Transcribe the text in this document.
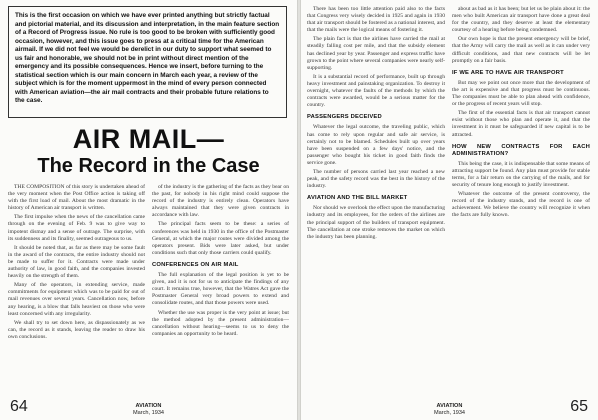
This is the first occasion on which we have ever printed anything but strictly factual and pictorial material, and its discussion and interpretation, in the main feature section of a Record of Progress issue. No rule is too good to be broken with sufficiently good occasion, however, and this issue goes to press at a critical time for the American airmail. If we did not feel we would be derelict in our duty to support what seemed to us fair and honorable, we should not be in print without direct mention of the emergency and its possible consequences. Hence we insert, before turning to the statistical section which is our main concern in March each year, a review of the subject which is for the moment uppermost in the mind of every person connected with American aviation—the air mail contracts and their probable future relations to the case.
AIR MAIL—
The Record in the Case

THE COMPOSITION of this story is undertaken ahead of the very moment when the Post Office action is taking off with the first load of mail. About the most dramatic in the history of American air transport is written.

The first impulse when the news of the cancellation came through on the evening of Feb. 9 was to give way to impotent dismay and a sense of outrage. The surprise, with its suddenness and its finality, seemed outrageous to us.

It should be noted that, as far as there may be some fault in the award of the contracts, the entire industry should not be made to suffer for it. Contracts were made under authority of law, in good faith, and the companies invested heavily on the strength of them.

Many of the operators, in extending service, made commitments for equipment which was to be paid for out of mail revenues over several years. Cancellation now, before any hearing, is a blow that falls heaviest on those who were least concerned with any irregularity.

We shall try to set down here, as dispassionately as we can, the record as it stands, leaving the reader to draw his own conclusions.

of the industry is the gathering of the facts as they bear on the past, for nobody in his right mind could suppose the record of the industry is entirely clean. Operators have always maintained that they were given contracts in accordance with law.

The principal facts seem to be these: a series of conferences was held in 1930 in the office of the Postmaster General, at which the major routes were divided among the operators present. Bids were later asked, but under conditions such that only those carriers could qualify.

CONFERENCES ON AIR MAIL

The full explanation of the legal position is yet to be given, and it is not for us to anticipate the findings of any court. It remains true, however, that the Watres Act gave the Postmaster General very broad powers to extend and consolidate routes, and that those powers were used.

Whether the use was proper is the very point at issue; but the method adopted by the present administration—cancellation without hearing—seems to us to deny the companies an opportunity to be heard.

64	AVIATION
March, 1934

There has been too little attention paid also to the facts that Congress very wisely decided in 1925 and again in 1930 that air transport should be fostered as a national interest, and that the mails were the logical means of fostering it.

The plain fact is that the airlines have carried the mail at steadily falling cost per mile, and that the subsidy element has declined year by year. Passenger and express traffic have grown to the point where several companies were nearly self-supporting.

It is a substantial record of performance, built up through heavy investment and painstaking organization. To destroy it overnight, whatever the faults of the methods by which the contracts were awarded, would be a serious matter for the country.

PASSENGERS DECEIVED

Whatever the legal outcome, the traveling public, which has come to rely upon regular and safe air service, is certainly not to be blamed. Schedules built up over years have been suspended on a few days' notice, and the passenger who bought his ticket in good faith finds the service gone.

The number of persons carried last year reached a new peak, and the safety record was the best in the history of the industry.

AVIATION AND THE BILL MARKET

Nor should we overlook the effect upon the manufacturing industry and its employees, for the orders of the airlines are the principal support of the builders of transport equipment. The cancellation at one stroke removes the market on which the industry has been planning.

about as bad as it has been; but let us be plain about it: the men who built American air transport have done a great deal for the country, and they deserve at least the elementary courtesy of a hearing before being condemned.

Our own hope is that the present emergency will be brief, that the Army will carry the mail as well as it can under very difficult conditions, and that new contracts will be let promptly on a fair basis.

IF WE ARE TO HAVE AIR TRANSPORT

But may we point out once more that the development of the art is expensive and that progress must be continuous. The companies must be able to plan ahead with confidence, or the progress of recent years will stop.

The first of the essential facts is that air transport cannot exist without those who plan and operate it, and that the investment in it must be safeguarded if new capital is to be attracted.

HOW NEW CONTRACTS FOR EACH ADMINISTRATION?

This being the case, it is indispensable that some means of attracting support be found. Any plan must provide for stable terms, for a fair return on the carrying of the mails, and for security of tenure long enough to justify investment.

Whatever the outcome of the present controversy, the record of the industry stands, and the record is one of achievement. We believe the country will recognize it when the facts are fully known.

AVIATION
March, 1934	65
